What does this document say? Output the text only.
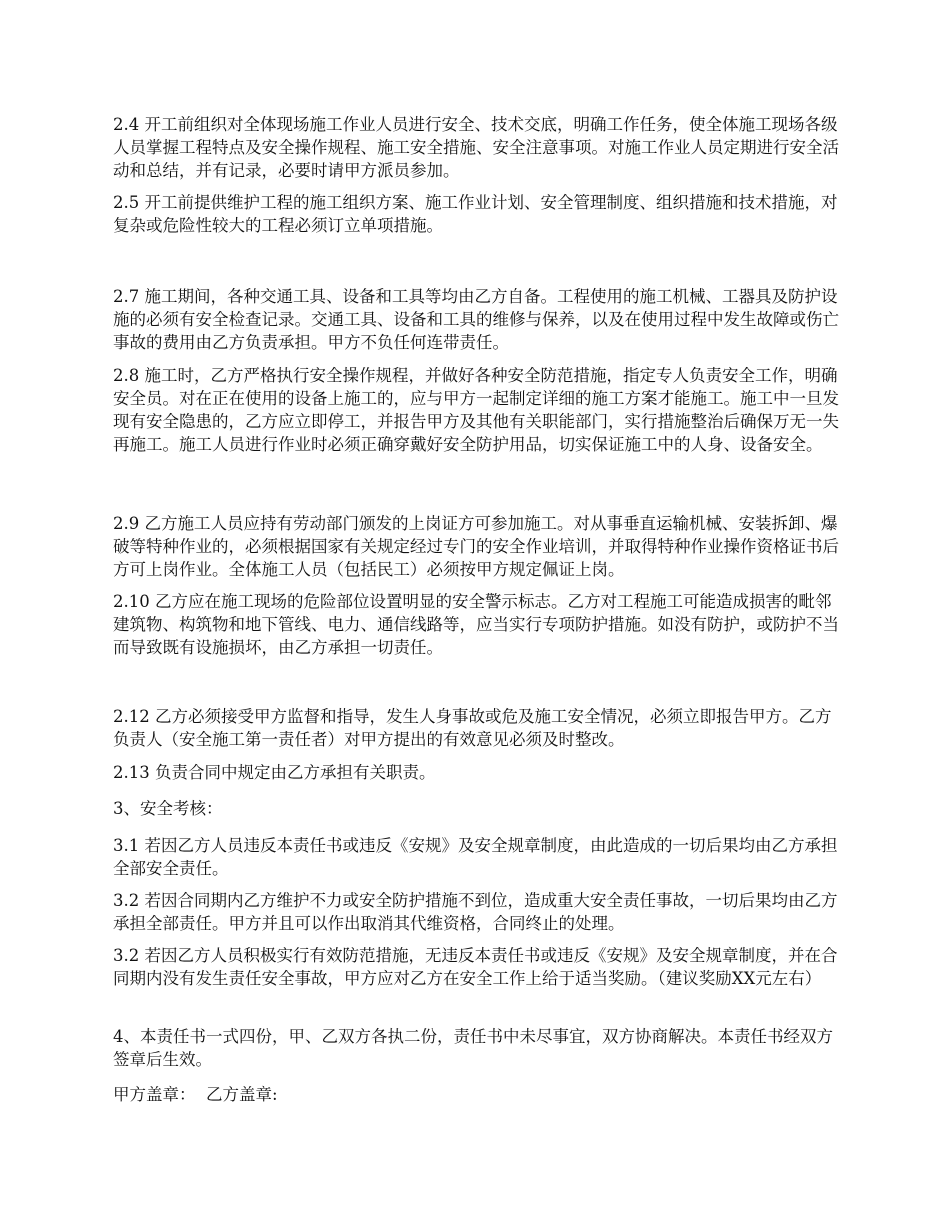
2.4 开工前组织对全体现场施工作业人员进行安全、技术交底，明确工作任务，使全体施工现场各级人员掌握工程特点及安全操作规程、施工安全措施、安全注意事项。对施工作业人员定期进行安全活动和总结，并有记录，必要时请甲方派员参加。

2.5 开工前提供维护工程的施工组织方案、施工作业计划、安全管理制度、组织措施和技术措施，对复杂或危险性较大的工程必须订立单项措施。

2.7 施工期间，各种交通工具、设备和工具等均由乙方自备。工程使用的施工机械、工器具及防护设施的必须有安全检查记录。交通工具、设备和工具的维修与保养，以及在使用过程中发生故障或伤亡事故的费用由乙方负责承担。甲方不负任何连带责任。

2.8 施工时，乙方严格执行安全操作规程，并做好各种安全防范措施，指定专人负责安全工作，明确安全员。对在正在使用的设备上施工的，应与甲方一起制定详细的施工方案才能施工。施工中一旦发现有安全隐患的，乙方应立即停工，并报告甲方及其他有关职能部门，实行措施整治后确保万无一失再施工。施工人员进行作业时必须正确穿戴好安全防护用品，切实保证施工中的人身、设备安全。

2.9 乙方施工人员应持有劳动部门颁发的上岗证方可参加施工。对从事垂直运输机械、安装拆卸、爆破等特种作业的，必须根据国家有关规定经过专门的安全作业培训，并取得特种作业操作资格证书后方可上岗作业。全体施工人员（包括民工）必须按甲方规定佩证上岗。

2.10 乙方应在施工现场的危险部位设置明显的安全警示标志。乙方对工程施工可能造成损害的毗邻建筑物、构筑物和地下管线、电力、通信线路等，应当实行专项防护措施。如没有防护，或防护不当而导致既有设施损坏，由乙方承担一切责任。

2.12 乙方必须接受甲方监督和指导，发生人身事故或危及施工安全情况，必须立即报告甲方。乙方负责人（安全施工第一责任者）对甲方提出的有效意见必须及时整改。

2.13 负责合同中规定由乙方承担有关职责。

3、安全考核：

3.1 若因乙方人员违反本责任书或违反《安规》及安全规章制度，由此造成的一切后果均由乙方承担全部安全责任。

3.2 若因合同期内乙方维护不力或安全防护措施不到位，造成重大安全责任事故，一切后果均由乙方承担全部责任。甲方并且可以作出取消其代维资格，合同终止的处理。

3.2 若因乙方人员积极实行有效防范措施，无违反本责任书或违反《安规》及安全规章制度，并在合同期内没有发生责任安全事故，甲方应对乙方在安全工作上给于适当奖励。（建议奖励XX元左右）

4、本责任书一式四份，甲、乙双方各执二份，责任书中未尽事宜，双方协商解决。本责任书经双方签章后生效。

甲方盖章：  乙方盖章:
